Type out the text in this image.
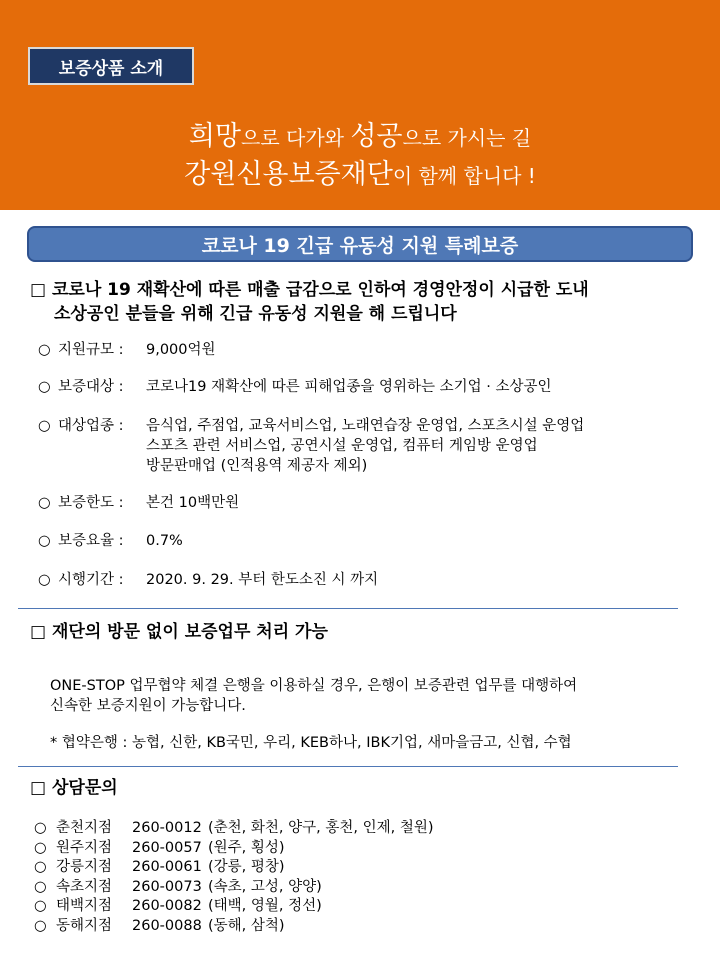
보증상품 소개
희망으로 다가와 성공으로 가시는 길
강원신용보증재단이 함께 합니다 !
코로나 19 긴급 유동성 지원 특례보증
□ 코로나 19 재확산에 따른 매출 급감으로 인하여 경영안정이 시급한 도내
소상공인 분들을 위해 긴급 유동성 지원을 해 드립니다
○ 지원규모 :	9,000억원
○ 보증대상 :	코로나19 재확산에 따른 피해업종을 영위하는 소기업 · 소상공인
○ 대상업종 :	음식업, 주점업, 교육서비스업, 노래연습장 운영업, 스포츠시설 운영업
스포츠 관련 서비스업, 공연시설 운영업, 컴퓨터 게임방 운영업
방문판매업 (인적용역 제공자 제외)
○ 보증한도 :	본건 10백만원
○ 보증요율 :	0.7%
○ 시행기간 :	2020. 9. 29. 부터 한도소진 시 까지
□ 재단의 방문 없이 보증업무 처리 가능
ONE-STOP 업무협약 체결 은행을 이용하실 경우, 은행이 보증관련 업무를 대행하여
신속한 보증지원이 가능합니다.
* 협약은행 : 농협, 신한, KB국민, 우리, KEB하나, IBK기업, 새마을금고, 신협, 수협
□ 상담문의
○ 춘천지점 260-0012 (춘천, 화천, 양구, 홍천, 인제, 철원)
○ 원주지점 260-0057 (원주, 횡성)
○ 강릉지점 260-0061 (강릉, 평창)
○ 속초지점 260-0073 (속초, 고성, 양양)
○ 태백지점 260-0082 (태백, 영월, 정선)
○ 동해지점 260-0088 (동해, 삼척)
